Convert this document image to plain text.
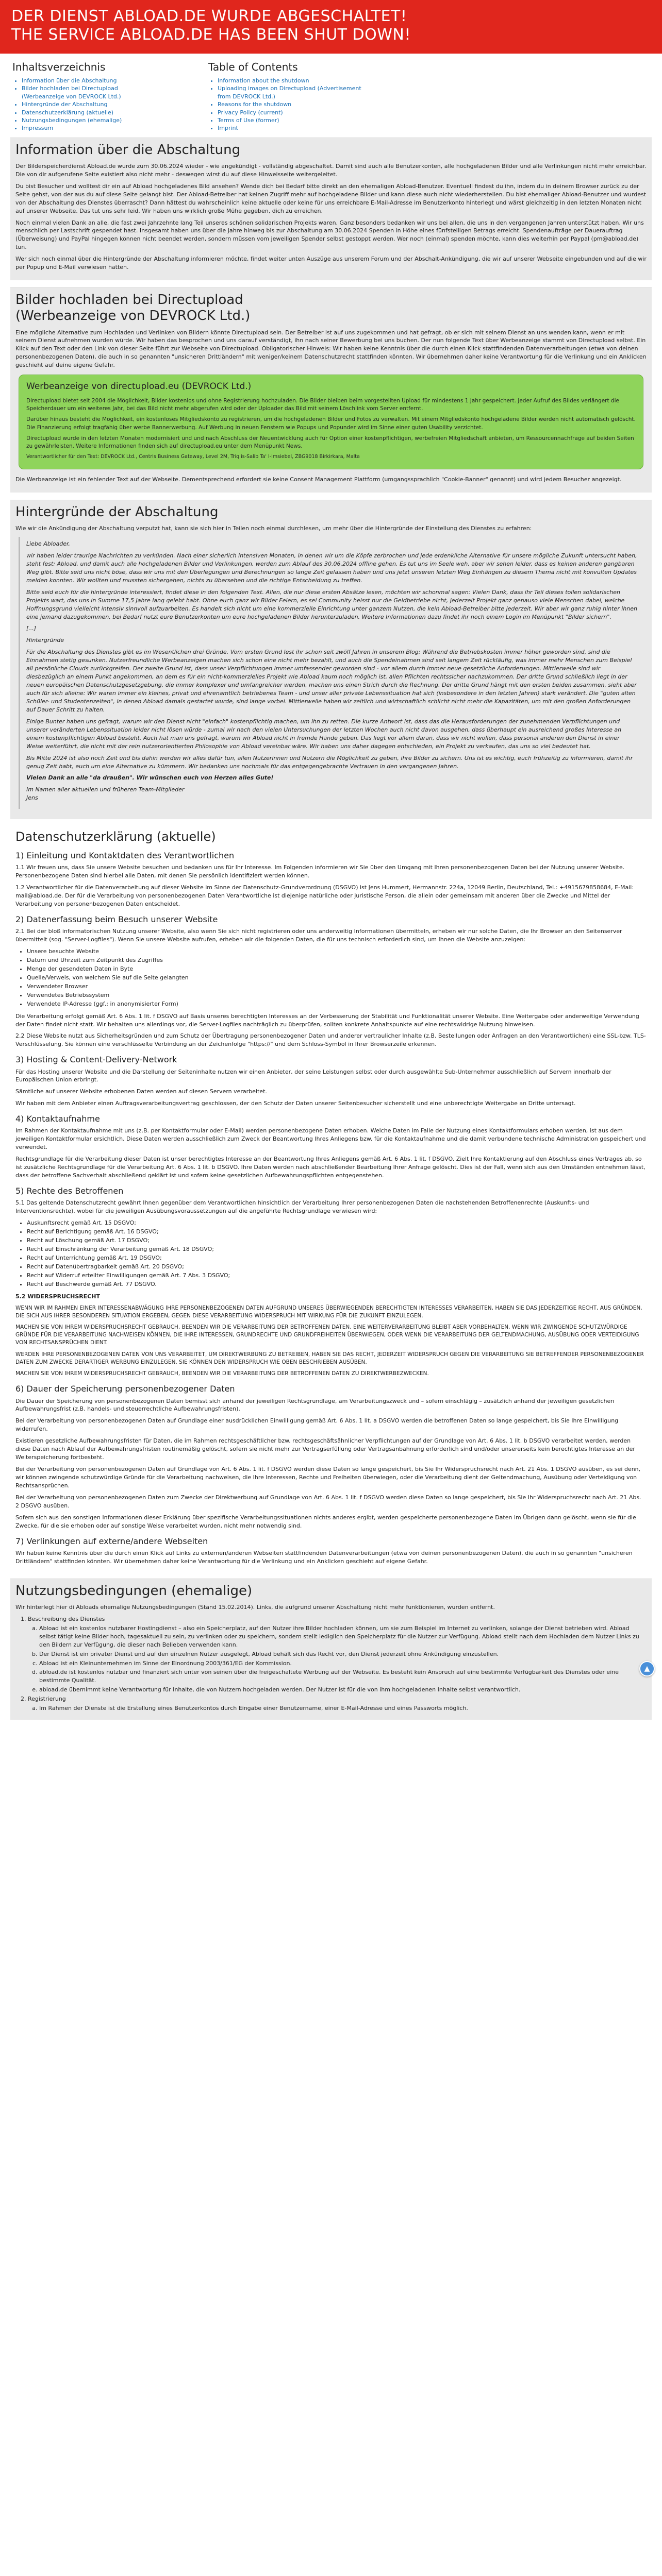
DER DIENST ABLOAD.DE WURDE ABGESCHALTET!
THE SERVICE ABLOAD.DE HAS BEEN SHUT DOWN!
Inhaltsverzeichnis
• Information über die Abschaltung
• Bilder hochladen bei Directupload (Werbeanzeige von DEVROCK Ltd.)
• Hintergründe der Abschaltung
• Datenschutzerklärung (aktuelle)
• Nutzungsbedingungen (ehemalige)
• Impressum
Table of Contents
• Information about the shutdown
• Uploading images on Directupload (Advertisement from DEVROCK Ltd.)
• Reasons for the shutdown
• Privacy Policy (current)
• Terms of Use (former)
• Imprint
Information über die Abschaltung

Der Bilderspeicherdienst Abload.de wurde zum 30.06.2024 wieder - wie angekündigt - vollständig abgeschaltet. Damit sind auch alle Benutzerkonten, alle hochgeladenen Bilder und alle Verlinkungen nicht mehr erreichbar. Die von dir aufgerufene Seite existiert also nicht mehr - deswegen wirst du auf diese Hinweisseite weitergeleitet.

Du bist Besucher und wolltest dir ein auf Abload hochgeladenes Bild ansehen? Wende dich bei Bedarf bitte direkt an den ehemaligen Abload-Benutzer. Eventuell findest du ihn, indem du in deinem Browser zurück zu der Seite gehst, von der aus du auf diese Seite gelangt bist. Der Abload-Betreiber hat keinen Zugriff mehr auf hochgeladene Bilder und kann diese auch nicht wiederherstellen. Du bist ehemaliger Abload-Benutzer und wurdest von der Abschaltung des Dienstes überrascht? Dann hättest du wahrscheinlich keine aktuelle oder keine für uns erreichbare E-Mail-Adresse im Benutzerkonto hinterlegt und wärst gleichzeitig in den letzten Monaten nicht auf unserer Webseite. Das tut uns sehr leid. Wir haben uns wirklich große Mühe gegeben, dich zu erreichen.

Noch einmal vielen Dank an alle, die fast zwei Jahrzehnte lang Teil unseres schönen solidarischen Projekts waren. Ganz besonders bedanken wir uns bei allen, die uns in den vergangenen Jahren unterstützt haben. Wir uns menschlich per Lastschrift gespendet hast. Insgesamt haben uns über die Jahre hinweg bis zur Abschaltung am 30.06.2024 Spenden in Höhe eines fünfstelligen Betrags erreicht. Spendenaufträge per Dauerauftrag (Überweisung) und PayPal hingegen können nicht beendet werden, sondern müssen vom jeweiligen Spender selbst gestoppt werden. Wer noch (einmal) spenden möchte, kann dies weiterhin per Paypal (pm@abload.de) tun.

Wer sich noch einmal über die Hintergründe der Abschaltung informieren möchte, findet weiter unten Auszüge aus unserem Forum und der Abschalt-Ankündigung, die wir auf unserer Webseite eingebunden und auf die wir per Popup und E-Mail verwiesen hatten.

Bilder hochladen bei Directupload
(Werbeanzeige von DEVROCK Ltd.)

Eine mögliche Alternative zum Hochladen und Verlinken von Bildern könnte Directupload sein. Der Betreiber ist auf uns zugekommen und hat gefragt, ob er sich mit seinem Dienst an uns wenden kann, wenn er mit seinem Dienst aufnehmen wurden würde. Wir haben das besprochen und uns darauf verständigt, ihn nach seiner Bewerbung bei uns buchen. Der nun folgende Text über Werbeanzeige stammt von Directupload selbst. Ein Klick auf den Text oder den Link von dieser Seite führt zur Webseite von Directupload. Obligatorischer Hinweis: Wir haben keine Kenntnis über die durch einen Klick stattfindenden Datenverarbeitungen (etwa von deinen personenbezogenen Daten), die auch in so genannten "unsicheren Drittländern" mit weniger/keinem Datenschutzrecht stattfinden könnten. Wir übernehmen daher keine Verantwortung für die Verlinkung und ein Anklicken geschieht auf deine eigene Gefahr.

Werbeanzeige von directupload.eu (DEVROCK Ltd.)

Directupload bietet seit 2004 die Möglichkeit, Bilder kostenlos und ohne Registrierung hochzuladen. Die Bilder bleiben beim vorgestellten Upload für mindestens 1 Jahr gespeichert. Jeder Aufruf des Bildes verlängert die Speicherdauer um ein weiteres Jahr, bei das Bild nicht mehr abgerufen wird oder der Uploader das Bild mit seinem Löschlink vom Server entfernt.

Darüber hinaus besteht die Möglichkeit, ein kostenloses Mitgliedskonto zu registrieren, um die hochgeladenen Bilder und Fotos zu verwalten. Mit einem Mitgliedskonto hochgeladene Bilder werden nicht automatisch gelöscht. Die Finanzierung erfolgt tragfähig über werbe Bannerwerbung. Auf Werbung in neuen Fenstern wie Popups und Popunder wird im Sinne einer guten Usability verzichtet.

Directupload wurde in den letzten Monaten modernisiert und und nach Abschluss der Neuentwicklung auch für Option einer kostenpflichtigen, werbefreien Mitgliedschaft anbieten, um Ressourcennachfrage auf beiden Seiten zu gewährleisten. Weitere Informationen finden sich auf directupload.eu unter dem Menüpunkt News.

Verantwortlicher für den Text: DEVROCK Ltd., Centris Business Gateway, Level 2M, Triq is-Salib Ta' l-Imsiebel, ZBG9018 Birkirkara, Malta

Die Werbeanzeige ist ein fehlender Text auf der Webseite. Dementsprechend erfordert sie keine Consent Management Plattform (umgangssprachlich "Cookie-Banner" genannt) und wird jedem Besucher angezeigt.

Hintergründe der Abschaltung

Wie wir die Ankündigung der Abschaltung verputzt hat, kann sie sich hier in Teilen noch einmal durchlesen, um mehr über die Hintergründe der Einstellung des Dienstes zu erfahren:

Liebe Abloader,

wir haben leider traurige Nachrichten zu verkünden. Nach einer sicherlich intensiven Monaten, in denen wir um die Köpfe zerbrochen und jede erdenkliche Alternative für unsere mögliche Zukunft untersucht haben, steht fest: Abload, und damit auch alle hochgeladenen Bilder und Verlinkungen, werden zum Ablauf des 30.06.2024 offline gehen. Es tut uns im Seele weh, aber wir sehen leider, dass es keinen anderen gangbaren Weg gibt. Bitte seid uns nicht böse, dass wir uns mit den Überlegungen und Berechnungen so lange Zeit gelassen haben und uns jetzt unseren letzten Weg Einhängen zu diesem Thema nicht mit konvulten Updates melden konnten. Wir wollten und mussten sichergehen, nichts zu übersehen und die richtige Entscheidung zu treffen.

Bitte seid euch für die hintergründe interessiert, findet diese in den folgenden Text. Allen, die nur diese ersten Absätze lesen, möchten wir schonmal sagen: Vielen Dank, dass ihr Teil dieses tollen solidarischen Projekts wart, das uns in Summe 17,5 Jahre lang gelebt habt. Ohne euch ganz wir Bilder Feiern, es sei Community heisst nur die Geldbetriebe nicht, jederzeit Projekt ganz genauso viele Menschen dabei, welche Hoffnungsgrund vielleicht intensiv sinnvoll aufzuarbeiten. Es handelt sich nicht um eine kommerzielle Einrichtung unter ganzem Nutzen, die kein Abload-Betreiber bitte jederzeit. Wir aber wir ganz ruhig hinter ihnen eine jemand dazugekommen, bei Bedarf nutzt eure Benutzerkonten um eure hochgeladenen Bilder herunterzuladen. Weitere Informationen dazu findet ihr noch einem Login im Menüpunkt "Bilder sichern".

[...]

Hintergründe

Für die Abschaltung des Dienstes gibt es im Wesentlichen drei Gründe. Vom ersten Grund lest ihr schon seit zwölf Jahren in unserem Blog: Während die Betriebskosten immer höher geworden sind, sind die Einnahmen stetig gesunken. Nutzerfreundliche Werbeanzeigen machen sich schon eine nicht mehr bezahlt, und auch die Spendeinahmen sind seit langem Zeit rückläufig, was immer mehr Menschen zum Beispiel all persönliche Clouds zurückgreifen. Der zweite Grund ist, dass unser Verpflichtungen immer umfassender geworden sind - vor allem durch immer neue gesetzliche Anforderungen. Mittlerweile sind wir diesbezüglich an einem Punkt angekommen, an dem es für ein nicht-kommerzielles Projekt wie Abload kaum noch möglich ist, allen Pflichten rechtssicher nachzukommen. Der dritte Grund schließlich liegt in der neuen europäischen Datenschutzgesetzgebung, die immer komplexer und umfangreicher werden, machen uns einen Strich durch die Rechnung. Der dritte Grund hängt mit den ersten beiden zusammen, sieht aber auch für sich alleine: Wir waren immer ein kleines, privat und ehrenamtlich betriebenes Team - und unser aller private Lebenssituation hat sich (insbesondere in den letzten Jahren) stark verändert. Die "guten alten Schüler- und Studentenzeiten", in denen Abload damals gestartet wurde, sind lange vorbei. Mittlerweile haben wir zeitlich und wirtschaftlich schlicht nicht mehr die Kapazitäten, um mit den großen Anforderungen auf Dauer Schritt zu halten.

Einige Bunter haben uns gefragt, warum wir den Dienst nicht "einfach" kostenpflichtig machen, um ihn zu retten. Die kurze Antwort ist, dass das die Herausforderungen der zunehmenden Verpflichtungen und unserer veränderten Lebenssituation leider nicht lösen würde - zumal wir nach den vielen Untersuchungen der letzten Wochen auch nicht davon ausgehen, dass überhaupt ein ausreichend großes Interesse an einem kostenpflichtigen Abload besteht. Auch hat man uns gefragt, warum wir Abload nicht in fremde Hände geben. Das liegt vor allem daran, dass wir nicht wollen, dass personal anderen den Dienst in einer Weise weiterführt, die nicht mit der rein nutzerorientierten Philosophie von Abload vereinbar wäre. Wir haben uns daher dagegen entschieden, ein Projekt zu verkaufen, das uns so viel bedeutet hat.

Bis Mitte 2024 ist also noch Zeit und bis dahin werden wir alles dafür tun, allen Nutzerinnen und Nutzern die Möglichkeit zu geben, ihre Bilder zu sichern. Uns ist es wichtig, euch frühzeitig zu informieren, damit ihr genug Zeit habt, euch um eine Alternative zu kümmern. Wir bedanken uns nochmals für das entgegengebrachte Vertrauen in den vergangenen Jahren.

Vielen Dank an alle "da draußen". Wir wünschen euch von Herzen alles Gute!

Im Namen aller aktuellen und früheren Team-Mitglieder

Jens

Datenschutzerklärung (aktuelle)
1) Einleitung und Kontaktdaten des Verantwortlichen

1.1 Wir freuen uns, dass Sie unsere Website besuchen und bedanken uns für Ihr Interesse. Im Folgenden informieren wir Sie über den Umgang mit Ihren personenbezogenen Daten bei der Nutzung unserer Website. Personenbezogene Daten sind hierbei alle Daten, mit denen Sie persönlich identifiziert werden können.

1.2 Verantwortlicher für die Datenverarbeitung auf dieser Website im Sinne der Datenschutz-Grundverordnung (DSGVO) ist Jens Hummert, Hermannstr. 224a, 12049 Berlin, Deutschland, Tel.: +4915679858684, E-Mail: mail@abload.de. Der für die Verarbeitung von personenbezogenen Daten Verantwortliche ist diejenige natürliche oder juristische Person, die allein oder gemeinsam mit anderen über die Zwecke und Mittel der Verarbeitung von personenbezogenen Daten entscheidet.

2) Datenerfassung beim Besuch unserer Website

2.1 Bei der bloß informatorischen Nutzung unserer Website, also wenn Sie sich nicht registrieren oder uns anderweitig Informationen übermitteln, erheben wir nur solche Daten, die Ihr Browser an den Seitenserver übermittelt (sog. "Server-Logfiles"). Wenn Sie unsere Website aufrufen, erheben wir die folgenden Daten, die für uns technisch erforderlich sind, um Ihnen die Website anzuzeigen:

• Unsere besuchte Website
• Datum und Uhrzeit zum Zeitpunkt des Zugriffes
• Menge der gesendeten Daten in Byte
• Quelle/Verweis, von welchem Sie auf die Seite gelangten
• Verwendeter Browser
• Verwendetes Betriebssystem
• Verwendete IP-Adresse (ggf.: in anonymisierter Form)

Die Verarbeitung erfolgt gemäß Art. 6 Abs. 1 lit. f DSGVO auf Basis unseres berechtigten Interesses an der Verbesserung der Stabilität und Funktionalität unserer Website. Eine Weitergabe oder anderweitige Verwendung der Daten findet nicht statt. Wir behalten uns allerdings vor, die Server-Logfiles nachträglich zu überprüfen, sollten konkrete Anhaltspunkte auf eine rechtswidrige Nutzung hinweisen.

2.2 Diese Website nutzt aus Sicherheitsgründen und zum Schutz der Übertragung personenbezogener Daten und anderer vertraulicher Inhalte (z.B. Bestellungen oder Anfragen an den Verantwortlichen) eine SSL-bzw. TLS-Verschlüsselung. Sie können eine verschlüsselte Verbindung an der Zeichenfolge "https://" und dem Schloss-Symbol in Ihrer Browserzeile erkennen.

3) Hosting & Content-Delivery-Network

Für das Hosting unserer Website und die Darstellung der Seiteninhalte nutzen wir einen Anbieter, der seine Leistungen selbst oder durch ausgewählte Sub-Unternehmer ausschließlich auf Servern innerhalb der Europäischen Union erbringt.

Sämtliche auf unserer Website erhobenen Daten werden auf diesen Servern verarbeitet.

Wir haben mit dem Anbieter einen Auftragsverarbeitungsvertrag geschlossen, der den Schutz der Daten unserer Seitenbesucher sicherstellt und eine unberechtigte Weitergabe an Dritte untersagt.

4) Kontaktaufnahme

Im Rahmen der Kontaktaufnahme mit uns (z.B. per Kontaktformular oder E-Mail) werden personenbezogene Daten erhoben. Welche Daten im Falle der Nutzung eines Kontaktformulars erhoben werden, ist aus dem jeweiligen Kontaktformular ersichtlich. Diese Daten werden ausschließlich zum Zweck der Beantwortung Ihres Anliegens bzw. für die Kontaktaufnahme und die damit verbundene technische Administration gespeichert und verwendet.

Rechtsgrundlage für die Verarbeitung dieser Daten ist unser berechtigtes Interesse an der Beantwortung Ihres Anliegens gemäß Art. 6 Abs. 1 lit. f DSGVO. Zielt Ihre Kontaktierung auf den Abschluss eines Vertrages ab, so ist zusätzliche Rechtsgrundlage für die Verarbeitung Art. 6 Abs. 1 lit. b DSGVO. Ihre Daten werden nach abschließender Bearbeitung Ihrer Anfrage gelöscht. Dies ist der Fall, wenn sich aus den Umständen entnehmen lässt, dass der betroffene Sachverhalt abschließend geklärt ist und sofern keine gesetzlichen Aufbewahrungspflichten entgegenstehen.

5) Rechte des Betroffenen

5.1 Das geltende Datenschutzrecht gewährt Ihnen gegenüber dem Verantwortlichen hinsichtlich der Verarbeitung Ihrer personenbezogenen Daten die nachstehenden Betroffenenrechte (Auskunfts- und Interventionsrechte), wobei für die jeweiligen Ausübungsvoraussetzungen auf die angeführte Rechtsgrundlage verwiesen wird:

• Auskunftsrecht gemäß Art. 15 DSGVO;
• Recht auf Berichtigung gemäß Art. 16 DSGVO;
• Recht auf Löschung gemäß Art. 17 DSGVO;
• Recht auf Einschränkung der Verarbeitung gemäß Art. 18 DSGVO;
• Recht auf Unterrichtung gemäß Art. 19 DSGVO;
• Recht auf Datenübertragbarkeit gemäß Art. 20 DSGVO;
• Recht auf Widerruf erteilter Einwilligungen gemäß Art. 7 Abs. 3 DSGVO;
• Recht auf Beschwerde gemäß Art. 77 DSGVO.

5.2 WIDERSPRUCHSRECHT

WENN WIR IM RAHMEN EINER INTERESSENABWÄGUNG IHRE PERSONENBEZOGENEN DATEN AUFGRUND UNSERES ÜBERWIEGENDEN BERECHTIGTEN INTERESSES VERARBEITEN, HABEN SIE DAS JEDERZEITIGE RECHT, AUS GRÜNDEN, DIE SICH AUS IHRER BESONDEREN SITUATION ERGEBEN, GEGEN DIESE VERARBEITUNG WIDERSPRUCH MIT WIRKUNG FÜR DIE ZUKUNFT EINZULEGEN.

MACHEN SIE VON IHREM WIDERSPRUCHSRECHT GEBRAUCH, BEENDEN WIR DIE VERARBEITUNG DER BETROFFENEN DATEN. EINE WEITERVERARBEITUNG BLEIBT ABER VORBEHALTEN, WENN WIR ZWINGENDE SCHUTZWÜRDIGE GRÜNDE FÜR DIE VERARBEITUNG NACHWEISEN KÖNNEN, DIE IHRE INTERESSEN, GRUNDRECHTE UND GRUNDFREIHEITEN ÜBERWIEGEN, ODER WENN DIE VERARBEITUNG DER GELTENDMACHUNG, AUSÜBUNG ODER VERTEIDIGUNG VON RECHTSANSPRÜCHEN DIENT.

WERDEN IHRE PERSONENBEZOGENEN DATEN VON UNS VERARBEITET, UM DIREKTWERBUNG ZU BETREIBEN, HABEN SIE DAS RECHT, JEDERZEIT WIDERSPRUCH GEGEN DIE VERARBEITUNG SIE BETREFFENDER PERSONENBEZOGENER DATEN ZUM ZWECKE DERARTIGER WERBUNG EINZULEGEN. SIE KÖNNEN DEN WIDERSPRUCH WIE OBEN BESCHRIEBEN AUSÜBEN.

MACHEN SIE VON IHREM WIDERSPRUCHSRECHT GEBRAUCH, BEENDEN WIR DIE VERARBEITUNG DER BETROFFENEN DATEN ZU DIREKTWERBEZWECKEN.

6) Dauer der Speicherung personenbezogener Daten

Die Dauer der Speicherung von personenbezogenen Daten bemisst sich anhand der jeweiligen Rechtsgrundlage, am Verarbeitungszweck und – sofern einschlägig – zusätzlich anhand der jeweiligen gesetzlichen Aufbewahrungsfrist (z.B. handels- und steuerrechtliche Aufbewahrungsfristen).

Bei der Verarbeitung von personenbezogenen Daten auf Grundlage einer ausdrücklichen Einwilligung gemäß Art. 6 Abs. 1 lit. a DSGVO werden die betroffenen Daten so lange gespeichert, bis Sie Ihre Einwilligung widerrufen.

Existieren gesetzliche Aufbewahrungsfristen für Daten, die im Rahmen rechtsgeschäftlicher bzw. rechtsgeschäftsähnlicher Verpflichtungen auf der Grundlage von Art. 6 Abs. 1 lit. b DSGVO verarbeitet werden, werden diese Daten nach Ablauf der Aufbewahrungsfristen routinemäßig gelöscht, sofern sie nicht mehr zur Vertragserfüllung oder Vertragsanbahnung erforderlich sind und/oder unsererseits kein berechtigtes Interesse an der Weiterspeicherung fortbesteht.

Bei der Verarbeitung von personenbezogenen Daten auf Grundlage von Art. 6 Abs. 1 lit. f DSGVO werden diese Daten so lange gespeichert, bis Sie Ihr Widerspruchsrecht nach Art. 21 Abs. 1 DSGVO ausüben, es sei denn, wir können zwingende schutzwürdige Gründe für die Verarbeitung nachweisen, die Ihre Interessen, Rechte und Freiheiten überwiegen, oder die Verarbeitung dient der Geltendmachung, Ausübung oder Verteidigung von Rechtsansprüchen.

Bei der Verarbeitung von personenbezogenen Daten zum Zwecke der Direktwerbung auf Grundlage von Art. 6 Abs. 1 lit. f DSGVO werden diese Daten so lange gespeichert, bis Sie Ihr Widerspruchsrecht nach Art. 21 Abs. 2 DSGVO ausüben.

Sofern sich aus den sonstigen Informationen dieser Erklärung über spezifische Verarbeitungssituationen nichts anderes ergibt, werden gespeicherte personenbezogene Daten im Übrigen dann gelöscht, wenn sie für die Zwecke, für die sie erhoben oder auf sonstige Weise verarbeitet wurden, nicht mehr notwendig sind.

7) Verlinkungen auf externe/andere Webseiten

Wir haben keine Kenntnis über die durch einen Klick auf Links zu externen/anderen Webseiten stattfindenden Datenverarbeitungen (etwa von deinen personenbezogenen Daten), die auch in so genannten "unsicheren Drittländern" stattfinden könnten. Wir übernehmen daher keine Verantwortung für die Verlinkung und ein Anklicken geschieht auf eigene Gefahr.

Nutzungsbedingungen (ehemalige)

Wir hinterlegt hier di Abloads ehemalige Nutzungsbedingungen (Stand 15.02.2014). Links, die aufgrund unserer Abschaltung nicht mehr funktionieren, wurden entfernt.

1. Beschreibung des Dienstes
a. Abload ist ein kostenlos nutzbarer Hostingdienst – also ein Speicherplatz, auf den Nutzer ihre Bilder hochladen können, um sie zum Beispiel im Internet zu verlinken, solange der Dienst betrieben wird. Abload selbst tätigt keine Bilder hoch, tagesaktuell zu sein, zu verlinken oder zu speichern, sondern stellt lediglich den Speicherplatz für die Nutzer zur Verfügung. Abload stellt nach dem Hochladen dem Nutzer Links zu den Bildern zur Verfügung, die dieser nach Belieben verwenden kann.
b. Der Dienst ist ein privater Dienst und auf den einzelnen Nutzer ausgelegt, Abload behält sich das Recht vor, den Dienst jederzeit ohne Ankündigung einzustellen.
c. Abload ist ein Kleinunternehmen im Sinne der Einordnung 2003/361/EG der Kommission.
d. abload.de ist kostenlos nutzbar und finanziert sich unter von seinen über die freigeschaltete Werbung auf der Webseite. Es besteht kein Anspruch auf eine bestimmte Verfügbarkeit des Dienstes oder eine bestimmte Qualität.
e. abload.de übernimmt keine Verantwortung für Inhalte, die von Nutzern hochgeladen werden. Der Nutzer ist für die von ihm hochgeladenen Inhalte selbst verantwortlich.
2. Registrierung
a. Im Rahmen der Dienste ist die Erstellung eines Benutzerkontos durch Eingabe einer Benutzername, einer E-Mail-Adresse und eines Passworts möglich.
▲
